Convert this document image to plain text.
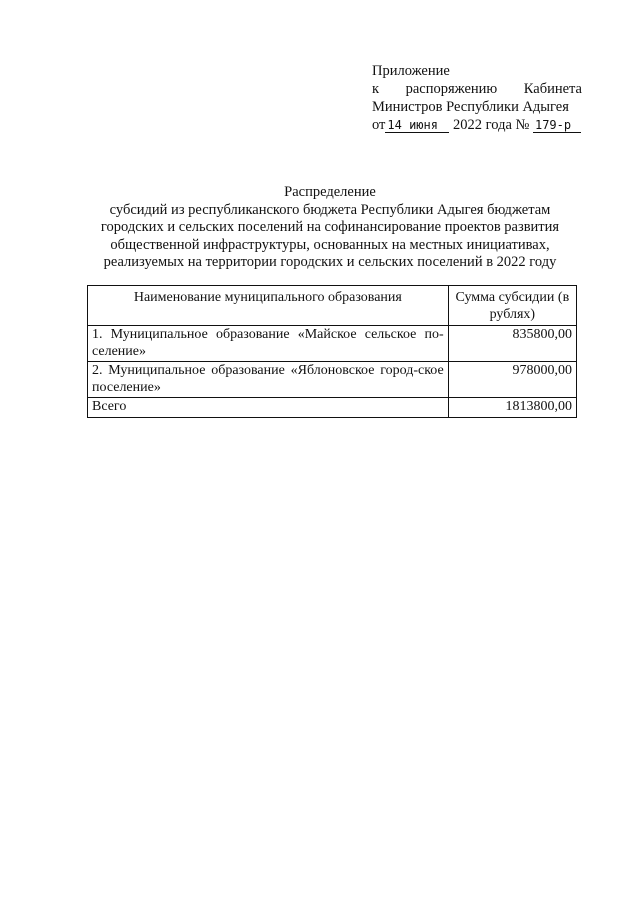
Приложение
к распоряжению Кабинета
Министров Республики Адыгея
от 14 июня 2022 года № 179-р
Распределение
субсидий из республиканского бюджета Республики Адыгея бюджетам
городских и сельских поселений на софинансирование проектов развития
общественной инфраструктуры, основанных на местных инициативах,
реализуемых на территории городских и сельских поселений в 2022 году
Наименование муниципального образования	Сумма субсидии (в рублях)
1. Муниципальное образование «Майское сельское по-селение»	835800,00
2. Муниципальное образование «Яблоновское город-ское поселение»	978000,00
Всего	1813800,00
